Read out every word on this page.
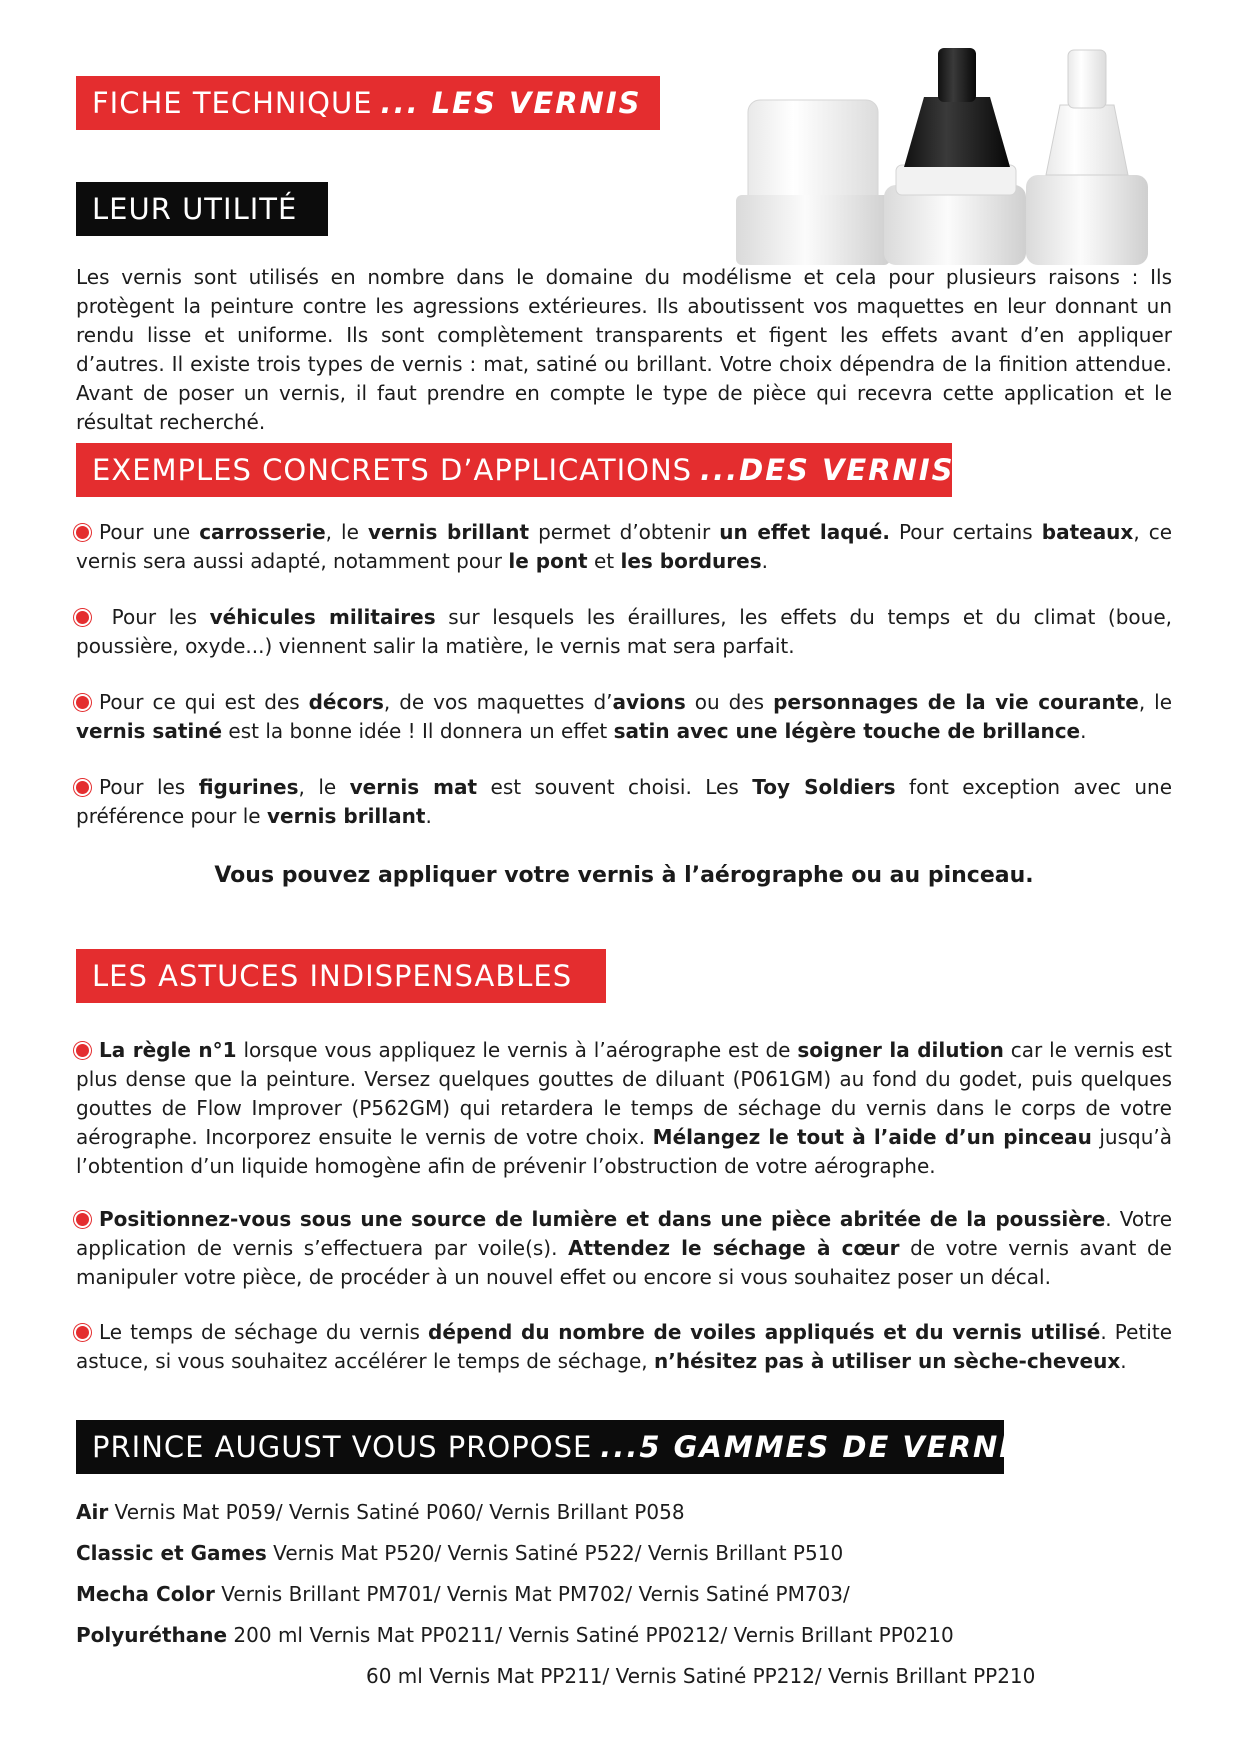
FICHE TECHNIQUE ... LES VERNIS
LEUR UTILITÉ
Les vernis sont utilisés en nombre dans le domaine du modélisme et cela pour plusieurs raisons : Ils protègent la peinture contre les agressions extérieures. Ils aboutissent vos maquettes en leur donnant un rendu lisse et uniforme. Ils sont complètement transparents et figent les effets avant d’en appliquer d’autres. Il existe trois types de vernis : mat, satiné ou brillant. Votre choix dépendra de la finition attendue. Avant de poser un vernis, il faut prendre en compte le type de pièce qui recevra cette application et le résultat recherché.
EXEMPLES CONCRETS D’APPLICATIONS ...DES VERNIS
Pour une carrosserie, le vernis brillant permet d’obtenir un effet laqué. Pour certains bateaux, ce vernis sera aussi adapté, notamment pour le pont et les bordures.
Pour les véhicules militaires sur lesquels les éraillures, les effets du temps et du climat (boue, poussière, oxyde...) viennent salir la matière, le vernis mat sera parfait.
Pour ce qui est des décors, de vos maquettes d’avions ou des personnages de la vie courante, le vernis satiné est la bonne idée ! Il donnera un effet satin avec une légère touche de brillance.
Pour les figurines, le vernis mat est souvent choisi. Les Toy Soldiers font exception avec une préférence pour le vernis brillant.
Vous pouvez appliquer votre vernis à l’aérographe ou au pinceau.
LES ASTUCES INDISPENSABLES
La règle n°1 lorsque vous appliquez le vernis à l’aérographe est de soigner la dilution car le vernis est plus dense que la peinture. Versez quelques gouttes de diluant (P061GM) au fond du godet, puis quelques gouttes de Flow Improver (P562GM) qui retardera le temps de séchage du vernis dans le corps de votre aérographe. Incorporez ensuite le vernis de votre choix. Mélangez le tout à l’aide d’un pinceau jusqu’à l’obtention d’un liquide homogène afin de prévenir l’obstruction de votre aérographe.
Positionnez-vous sous une source de lumière et dans une pièce abritée de la poussière. Votre application de vernis s’effectuera par voile(s). Attendez le séchage à cœur de votre vernis avant de manipuler votre pièce, de procéder à un nouvel effet ou encore si vous souhaitez poser un décal.
Le temps de séchage du vernis dépend du nombre de voiles appliqués et du vernis utilisé. Petite astuce, si vous souhaitez accélérer le temps de séchage, n’hésitez pas à utiliser un sèche-cheveux.
PRINCE AUGUST VOUS PROPOSE ...5 GAMMES DE VERNIS
Air Vernis Mat P059/ Vernis Satiné P060/ Vernis Brillant P058
Classic et Games Vernis Mat P520/ Vernis Satiné P522/ Vernis Brillant P510
Mecha Color Vernis Brillant PM701/ Vernis Mat PM702/ Vernis Satiné PM703/
Polyuréthane 200 ml Vernis Mat PP0211/ Vernis Satiné PP0212/ Vernis Brillant PP0210
60 ml Vernis Mat PP211/ Vernis Satiné PP212/ Vernis Brillant PP210
